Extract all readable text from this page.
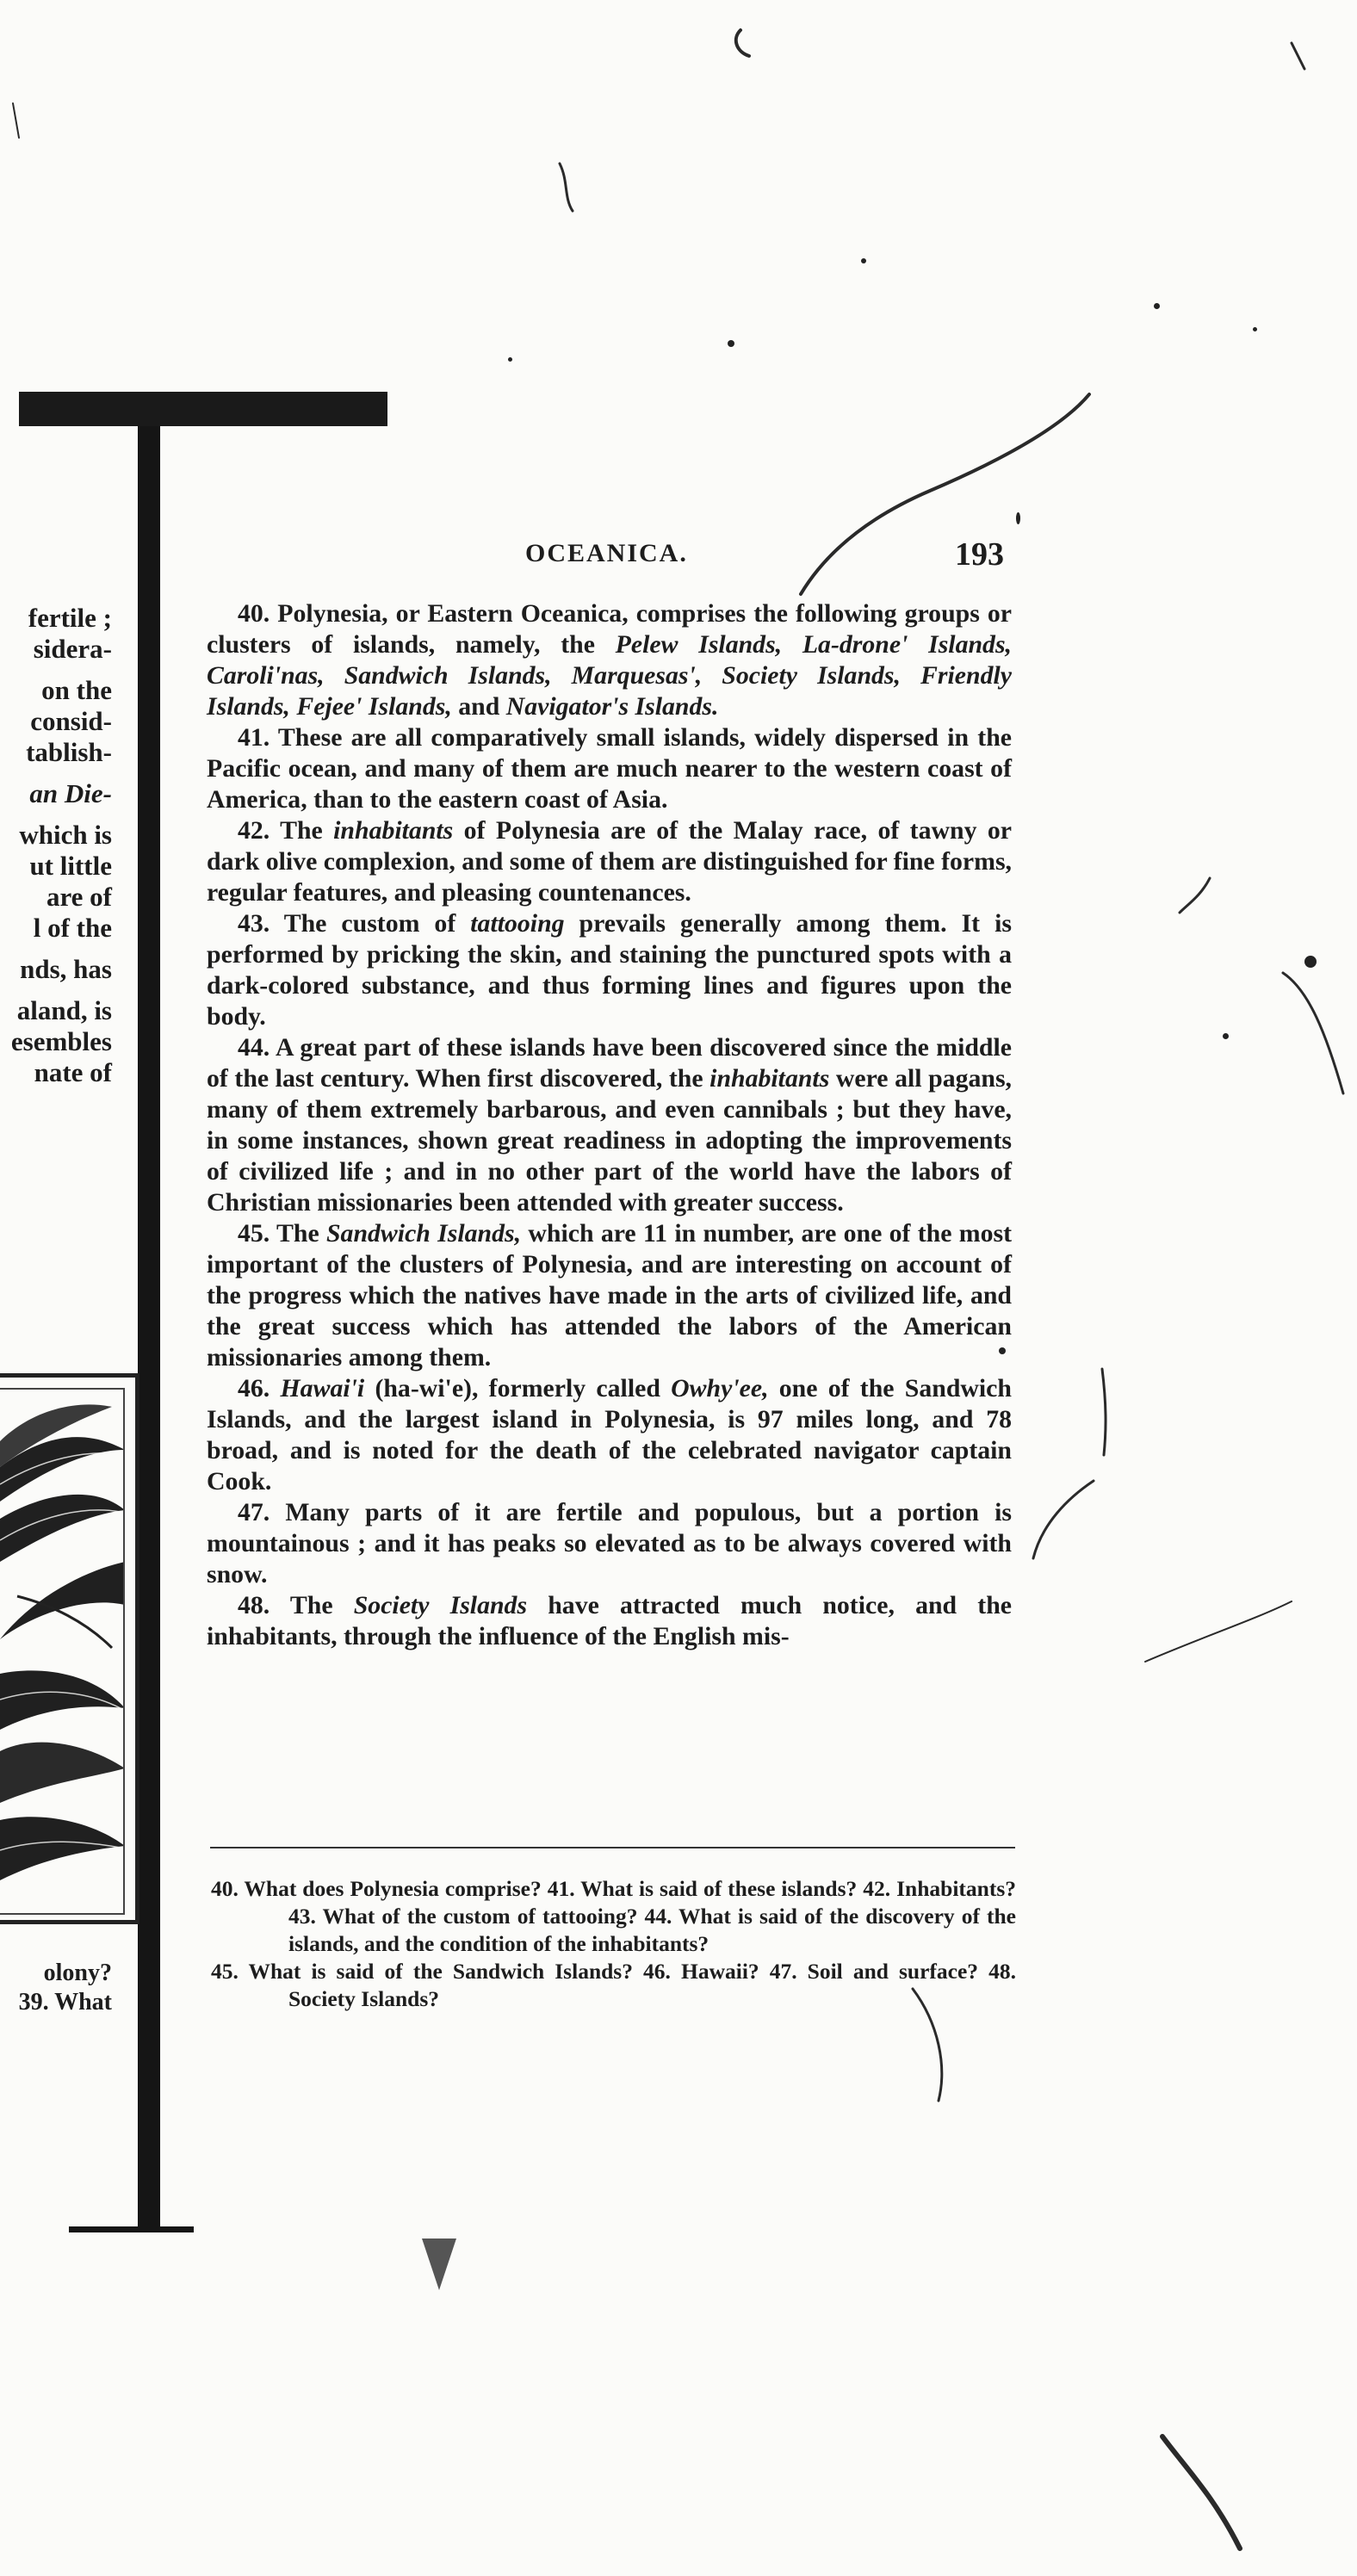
fertile ;
sidera-
on the
consid-
tablish-
an Die-
which is
ut little
are of
l of the
nds, has
aland, is
esembles
nate of
olony?
39. What
OCEANICA.	193

40. Polynesia, or Eastern Oceanica, comprises the following groups or clusters of islands, namely, the Pelew Islands, La-drone' Islands, Caroli'nas, Sandwich Islands, Marquesas', Society Islands, Friendly Islands, Fejee' Islands, and Navigator's Islands.

41. These are all comparatively small islands, widely dispersed in the Pacific ocean, and many of them are much nearer to the western coast of America, than to the eastern coast of Asia.

42. The inhabitants of Polynesia are of the Malay race, of tawny or dark olive complexion, and some of them are distinguished for fine forms, regular features, and pleasing countenances.

43. The custom of tattooing prevails generally among them. It is performed by pricking the skin, and staining the punctured spots with a dark-colored substance, and thus forming lines and figures upon the body.

44. A great part of these islands have been discovered since the middle of the last century. When first discovered, the inhabitants were all pagans, many of them extremely barbarous, and even cannibals ; but they have, in some instances, shown great readiness in adopting the improvements of civilized life ; and in no other part of the world have the labors of Christian missionaries been attended with greater success.

45. The Sandwich Islands, which are 11 in number, are one of the most important of the clusters of Polynesia, and are interesting on account of the progress which the natives have made in the arts of civilized life, and the great success which has attended the labors of the American missionaries among them.

46. Hawai'i (ha-wi'e), formerly called Owhy'ee, one of the Sandwich Islands, and the largest island in Polynesia, is 97 miles long, and 78 broad, and is noted for the death of the celebrated navigator captain Cook.

47. Many parts of it are fertile and populous, but a portion is mountainous ; and it has peaks so elevated as to be always covered with snow.

48. The Society Islands have attracted much notice, and the inhabitants, through the influence of the English mis-

40. What does Polynesia comprise? 41. What is said of these islands? 42. Inhabitants? 43. What of the custom of tattooing? 44. What is said of the discovery of the islands, and the condition of the inhabitants?
45. What is said of the Sandwich Islands? 46. Hawaii? 47. Soil and surface? 48. Society Islands?
